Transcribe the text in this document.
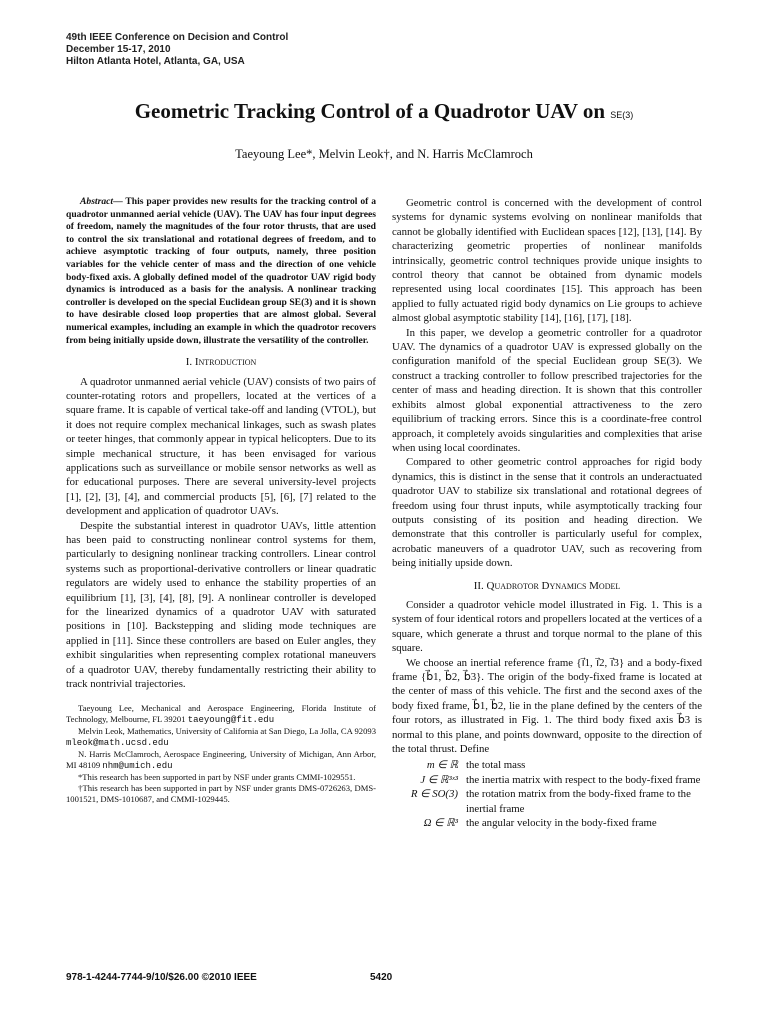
49th IEEE Conference on Decision and Control
December 15-17, 2010
Hilton Atlanta Hotel, Atlanta, GA, USA
Geometric Tracking Control of a Quadrotor UAV on SE(3)
Taeyoung Lee*, Melvin Leok†, and N. Harris McClamroch

Abstract— This paper provides new results for the tracking control of a quadrotor unmanned aerial vehicle (UAV). The UAV has four input degrees of freedom, namely the magnitudes of the four rotor thrusts, that are used to control the six translational and rotational degrees of freedom, and to achieve asymptotic tracking of four outputs, namely, three position variables for the vehicle center of mass and the direction of one vehicle body-fixed axis. A globally defined model of the quadrotor UAV rigid body dynamics is introduced as a basis for the analysis. A nonlinear tracking controller is developed on the special Euclidean group SE(3) and it is shown to have desirable closed loop properties that are almost global. Several numerical examples, including an example in which the quadrotor recovers from being initially upside down, illustrate the versatility of the controller.

I. Introduction

A quadrotor unmanned aerial vehicle (UAV) consists of two pairs of counter-rotating rotors and propellers, located at the vertices of a square frame. It is capable of vertical take-off and landing (VTOL), but it does not require complex mechanical linkages, such as swash plates or teeter hinges, that commonly appear in typical helicopters. Due to its simple mechanical structure, it has been envisaged for various applications such as surveillance or mobile sensor networks as well as for educational purposes. There are several university-level projects [1], [2], [3], [4], and commercial products [5], [6], [7] related to the development and application of quadrotor UAVs.

Despite the substantial interest in quadrotor UAVs, little attention has been paid to constructing nonlinear control systems for them, particularly to designing nonlinear tracking controllers. Linear control systems such as proportional-derivative controllers or linear quadratic regulators are widely used to enhance the stability properties of an equilibrium [1], [3], [4], [8], [9]. A nonlinear controller is developed for the linearized dynamics of a quadrotor UAV with saturated positions in [10]. Backstepping and sliding mode techniques are applied in [11]. Since these controllers are based on Euler angles, they exhibit singularities when representing complex rotational maneuvers of a quadrotor UAV, thereby fundamentally restricting their ability to track nontrivial trajectories.

Taeyoung Lee, Mechanical and Aerospace Engineering, Florida Institute of Technology, Melbourne, FL 39201 taeyoung@fit.edu
Melvin Leok, Mathematics, University of California at San Diego, La Jolla, CA 92093 mleok@math.ucsd.edu
N. Harris McClamroch, Aerospace Engineering, University of Michigan, Ann Arbor, MI 48109 nhm@umich.edu
*This research has been supported in part by NSF under grants CMMI-1029551.
†This research has been supported in part by NSF under grants DMS-0726263, DMS-1001521, DMS-1010687, and CMMI-1029445.

Geometric control is concerned with the development of control systems for dynamic systems evolving on nonlinear manifolds that cannot be globally identified with Euclidean spaces [12], [13], [14]. By characterizing geometric properties of nonlinear manifolds intrinsically, geometric control techniques provide unique insights to control theory that cannot be obtained from dynamic models represented using local coordinates [15]. This approach has been applied to fully actuated rigid body dynamics on Lie groups to achieve almost global asymptotic stability [14], [16], [17], [18].

In this paper, we develop a geometric controller for a quadrotor UAV. The dynamics of a quadrotor UAV is expressed globally on the configuration manifold of the special Euclidean group SE(3). We construct a tracking controller to follow prescribed trajectories for the center of mass and heading direction. It is shown that this controller exhibits almost global exponential attractiveness to the zero equilibrium of tracking errors. Since this is a coordinate-free control approach, it completely avoids singularities and complexities that arise when using local coordinates.

Compared to other geometric control approaches for rigid body dynamics, this is distinct in the sense that it controls an underactuated quadrotor UAV to stabilize six translational and rotational degrees of freedom using four thrust inputs, while asymptotically tracking four outputs consisting of its position and heading direction. We demonstrate that this controller is particularly useful for complex, acrobatic maneuvers of a quadrotor UAV, such as recovering from being initially upside down.

II. Quadrotor Dynamics Model

Consider a quadrotor vehicle model illustrated in Fig. 1. This is a system of four identical rotors and propellers located at the vertices of a square, which generate a thrust and torque normal to the plane of this square.

We choose an inertial reference frame {i⃗1, i⃗2, i⃗3} and a body-fixed frame {b⃗1, b⃗2, b⃗3}. The origin of the body-fixed frame is located at the center of mass of this vehicle. The first and the second axes of the body fixed frame, b⃗1, b⃗2, lie in the plane defined by the centers of the four rotors, as illustrated in Fig. 1. The third body fixed axis b⃗3 is normal to this plane, and points downward, opposite to the direction of the total thrust. Define

m ∈ ℝ the total mass
J ∈ ℝ³ˣ³ the inertia matrix with respect to the body-fixed frame
R ∈ SO(3) the rotation matrix from the body-fixed frame to the inertial frame
Ω ∈ ℝ³ the angular velocity in the body-fixed frame
978-1-4244-7744-9/10/$26.00 ©2010 IEEE	5420
